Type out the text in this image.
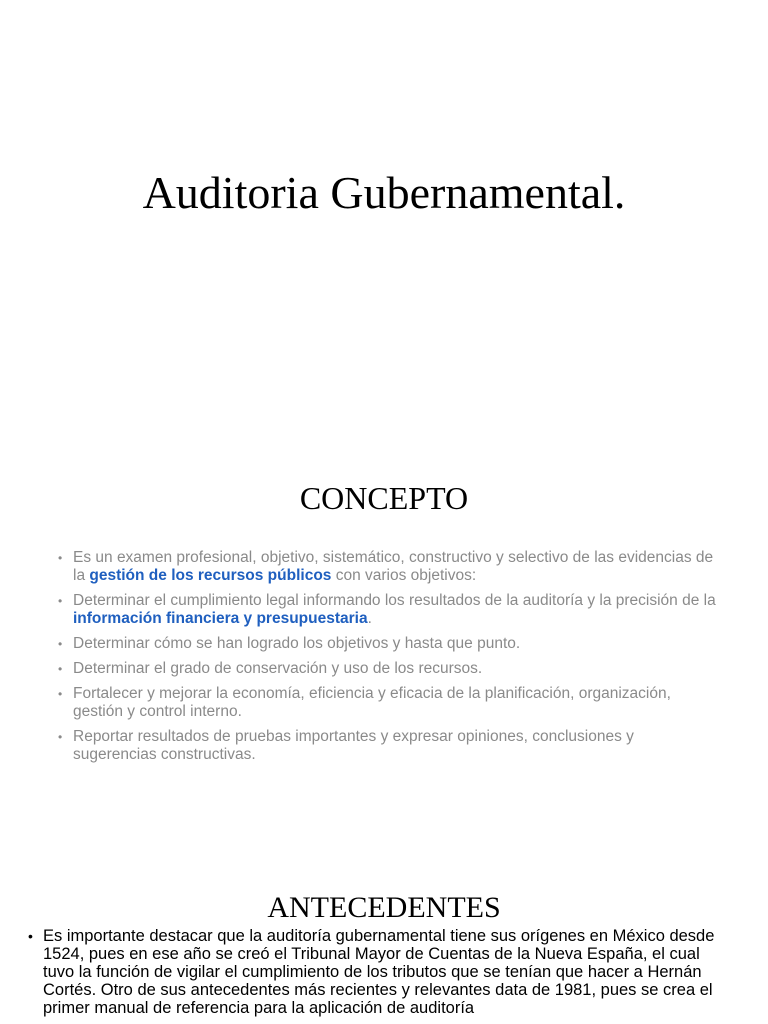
Auditoria Gubernamental.
CONCEPTO
• Es un examen profesional, objetivo, sistemático, constructivo y selectivo de las evidencias de la gestión de los recursos públicos con varios objetivos:
• Determinar el cumplimiento legal informando los resultados de la auditoría y la precisión de la información financiera y presupuestaria.
• Determinar cómo se han logrado los objetivos y hasta que punto.
• Determinar el grado de conservación y uso de los recursos.
• Fortalecer y mejorar la economía, eficiencia y eficacia de la planificación, organización, gestión y control interno.
• Reportar resultados de pruebas importantes y expresar opiniones, conclusiones y sugerencias constructivas.
ANTECEDENTES
• Es importante destacar que la auditoría gubernamental tiene sus orígenes en México desde 1524, pues en ese año se creó el Tribunal Mayor de Cuentas de la Nueva España, el cual tuvo la función de vigilar el cumplimiento de los tributos que se tenían que hacer a Hernán Cortés. Otro de sus antecedentes más recientes y relevantes data de 1981, pues se crea el primer manual de referencia para la aplicación de auditoría
